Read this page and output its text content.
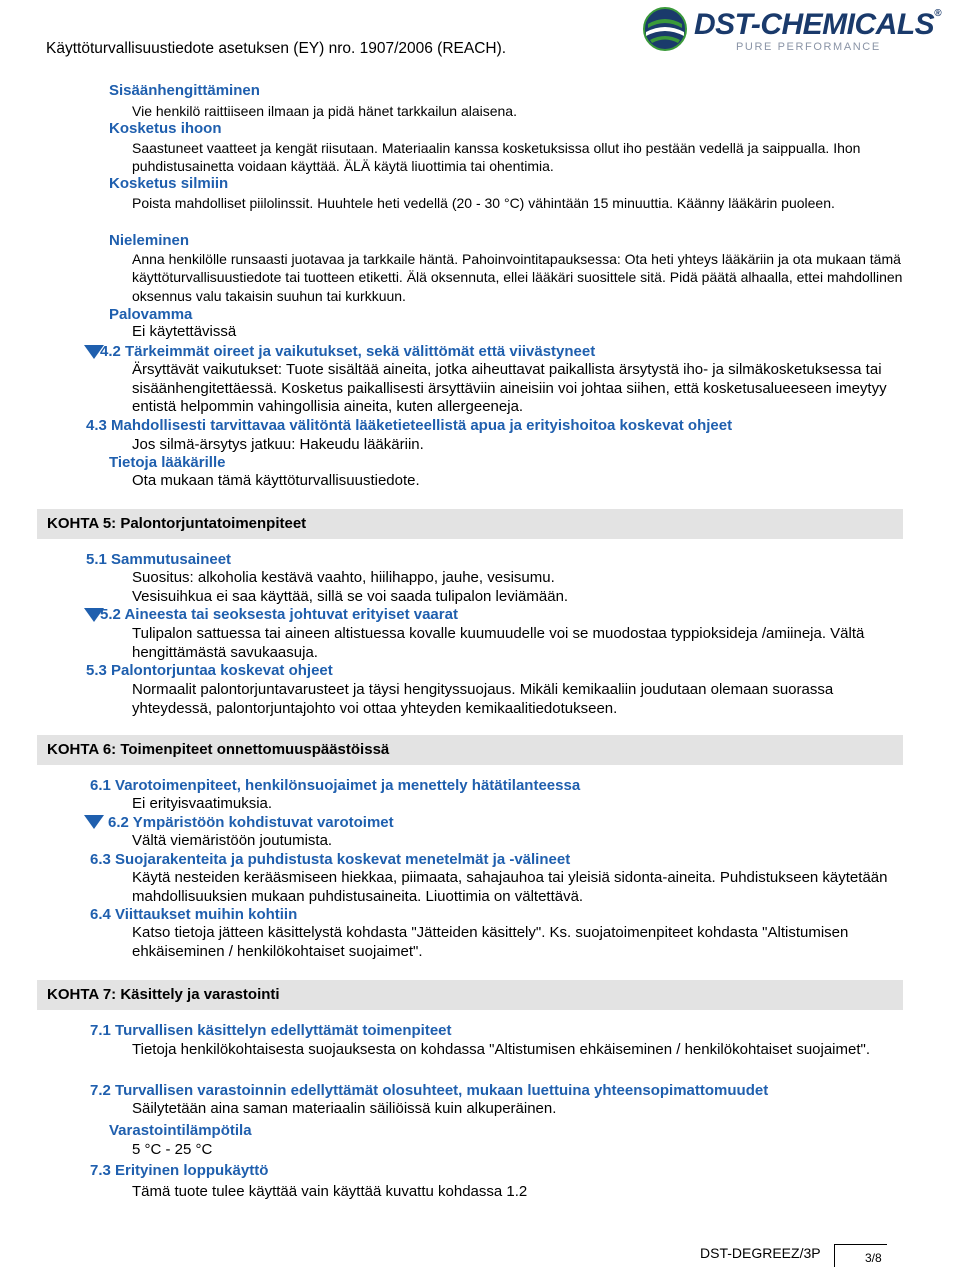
Käyttöturvallisuustiedote asetuksen (EY) nro. 1907/2006 (REACH).
DST-CHEMICALS®
PURE PERFORMANCE
Sisäänhengittäminen
Vie henkilö raittiiseen ilmaan ja pidä hänet tarkkailun alaisena.
Kosketus ihoon
Saastuneet vaatteet ja kengät riisutaan. Materiaalin kanssa kosketuksissa ollut iho pestään vedellä ja saippualla. Ihon puhdistusainetta voidaan käyttää. ÄLÄ käytä liuottimia tai ohentimia.
Kosketus silmiin
Poista mahdolliset piilolinssit. Huuhtele heti vedellä (20 - 30 °C) vähintään 15 minuuttia. Käänny lääkärin puoleen.
Nieleminen
Anna henkilölle runsaasti juotavaa ja tarkkaile häntä. Pahoinvointitapauksessa: Ota heti yhteys lääkäriin ja ota mukaan tämä käyttöturvallisuustiedote tai tuotteen etiketti. Älä oksennuta, ellei lääkäri suosittele sitä. Pidä päätä alhaalla, ettei mahdollinen oksennus valu takaisin suuhun tai kurkkuun.
Palovamma
Ei käytettävissä
4.2 Tärkeimmät oireet ja vaikutukset, sekä välittömät että viivästyneet
Ärsyttävät vaikutukset: Tuote sisältää aineita, jotka aiheuttavat paikallista ärsytystä iho- ja silmäkosketuksessa tai sisäänhengitettäessä. Kosketus paikallisesti ärsyttäviin aineisiin voi johtaa siihen, että kosketusalueeseen imeytyy entistä helpommin vahingollisia aineita, kuten allergeeneja.
4.3 Mahdollisesti tarvittavaa välitöntä lääketieteellistä apua ja erityishoitoa koskevat ohjeet
Jos silmä-ärsytys jatkuu: Hakeudu lääkäriin.
Tietoja lääkärille
Ota mukaan tämä käyttöturvallisuustiedote.
KOHTA 5: Palontorjuntatoimenpiteet
5.1 Sammutusaineet
Suositus: alkoholia kestävä vaahto, hiilihappo, jauhe, vesisumu.
Vesisuihkua ei saa käyttää, sillä se voi saada tulipalon leviämään.
5.2 Aineesta tai seoksesta johtuvat erityiset vaarat
Tulipalon sattuessa tai aineen altistuessa kovalle kuumuudelle voi se muodostaa typpioksideja /amiineja. Vältä hengittämästä savukaasuja.
5.3 Palontorjuntaa koskevat ohjeet
Normaalit palontorjuntavarusteet ja täysi hengityssuojaus. Mikäli kemikaaliin joudutaan olemaan suorassa yhteydessä, palontorjuntajohto voi ottaa yhteyden kemikaalitiedotukseen.
KOHTA 6: Toimenpiteet onnettomuuspäästöissä
6.1 Varotoimenpiteet, henkilönsuojaimet ja menettely hätätilanteessa
Ei erityisvaatimuksia.
6.2 Ympäristöön kohdistuvat varotoimet
Vältä viemäristöön joutumista.
6.3 Suojarakenteita ja puhdistusta koskevat menetelmät ja -välineet
Käytä nesteiden kerääsmiseen hiekkaa, piimaata, sahajauhoa tai yleisiä sidonta-aineita. Puhdistukseen käytetään mahdollisuuksien mukaan puhdistusaineita. Liuottimia on vältettävä.
6.4 Viittaukset muihin kohtiin
Katso tietoja jätteen käsittelystä kohdasta "Jätteiden käsittely". Ks. suojatoimenpiteet kohdasta "Altistumisen ehkäiseminen / henkilökohtaiset suojaimet".
KOHTA 7: Käsittely ja varastointi
7.1 Turvallisen käsittelyn edellyttämät toimenpiteet
Tietoja henkilökohtaisesta suojauksesta on kohdassa "Altistumisen ehkäiseminen / henkilökohtaiset suojaimet".
7.2 Turvallisen varastoinnin edellyttämät olosuhteet, mukaan luettuina yhteensopimattomuudet
Säilytetään aina saman materiaalin säiliöissä kuin alkuperäinen.
Varastointilämpötila
5 °C - 25 °C
7.3 Erityinen loppukäyttö
Tämä tuote tulee käyttää vain käyttää kuvattu kohdassa 1.2
DST-DEGREEZ/3P	3/8
